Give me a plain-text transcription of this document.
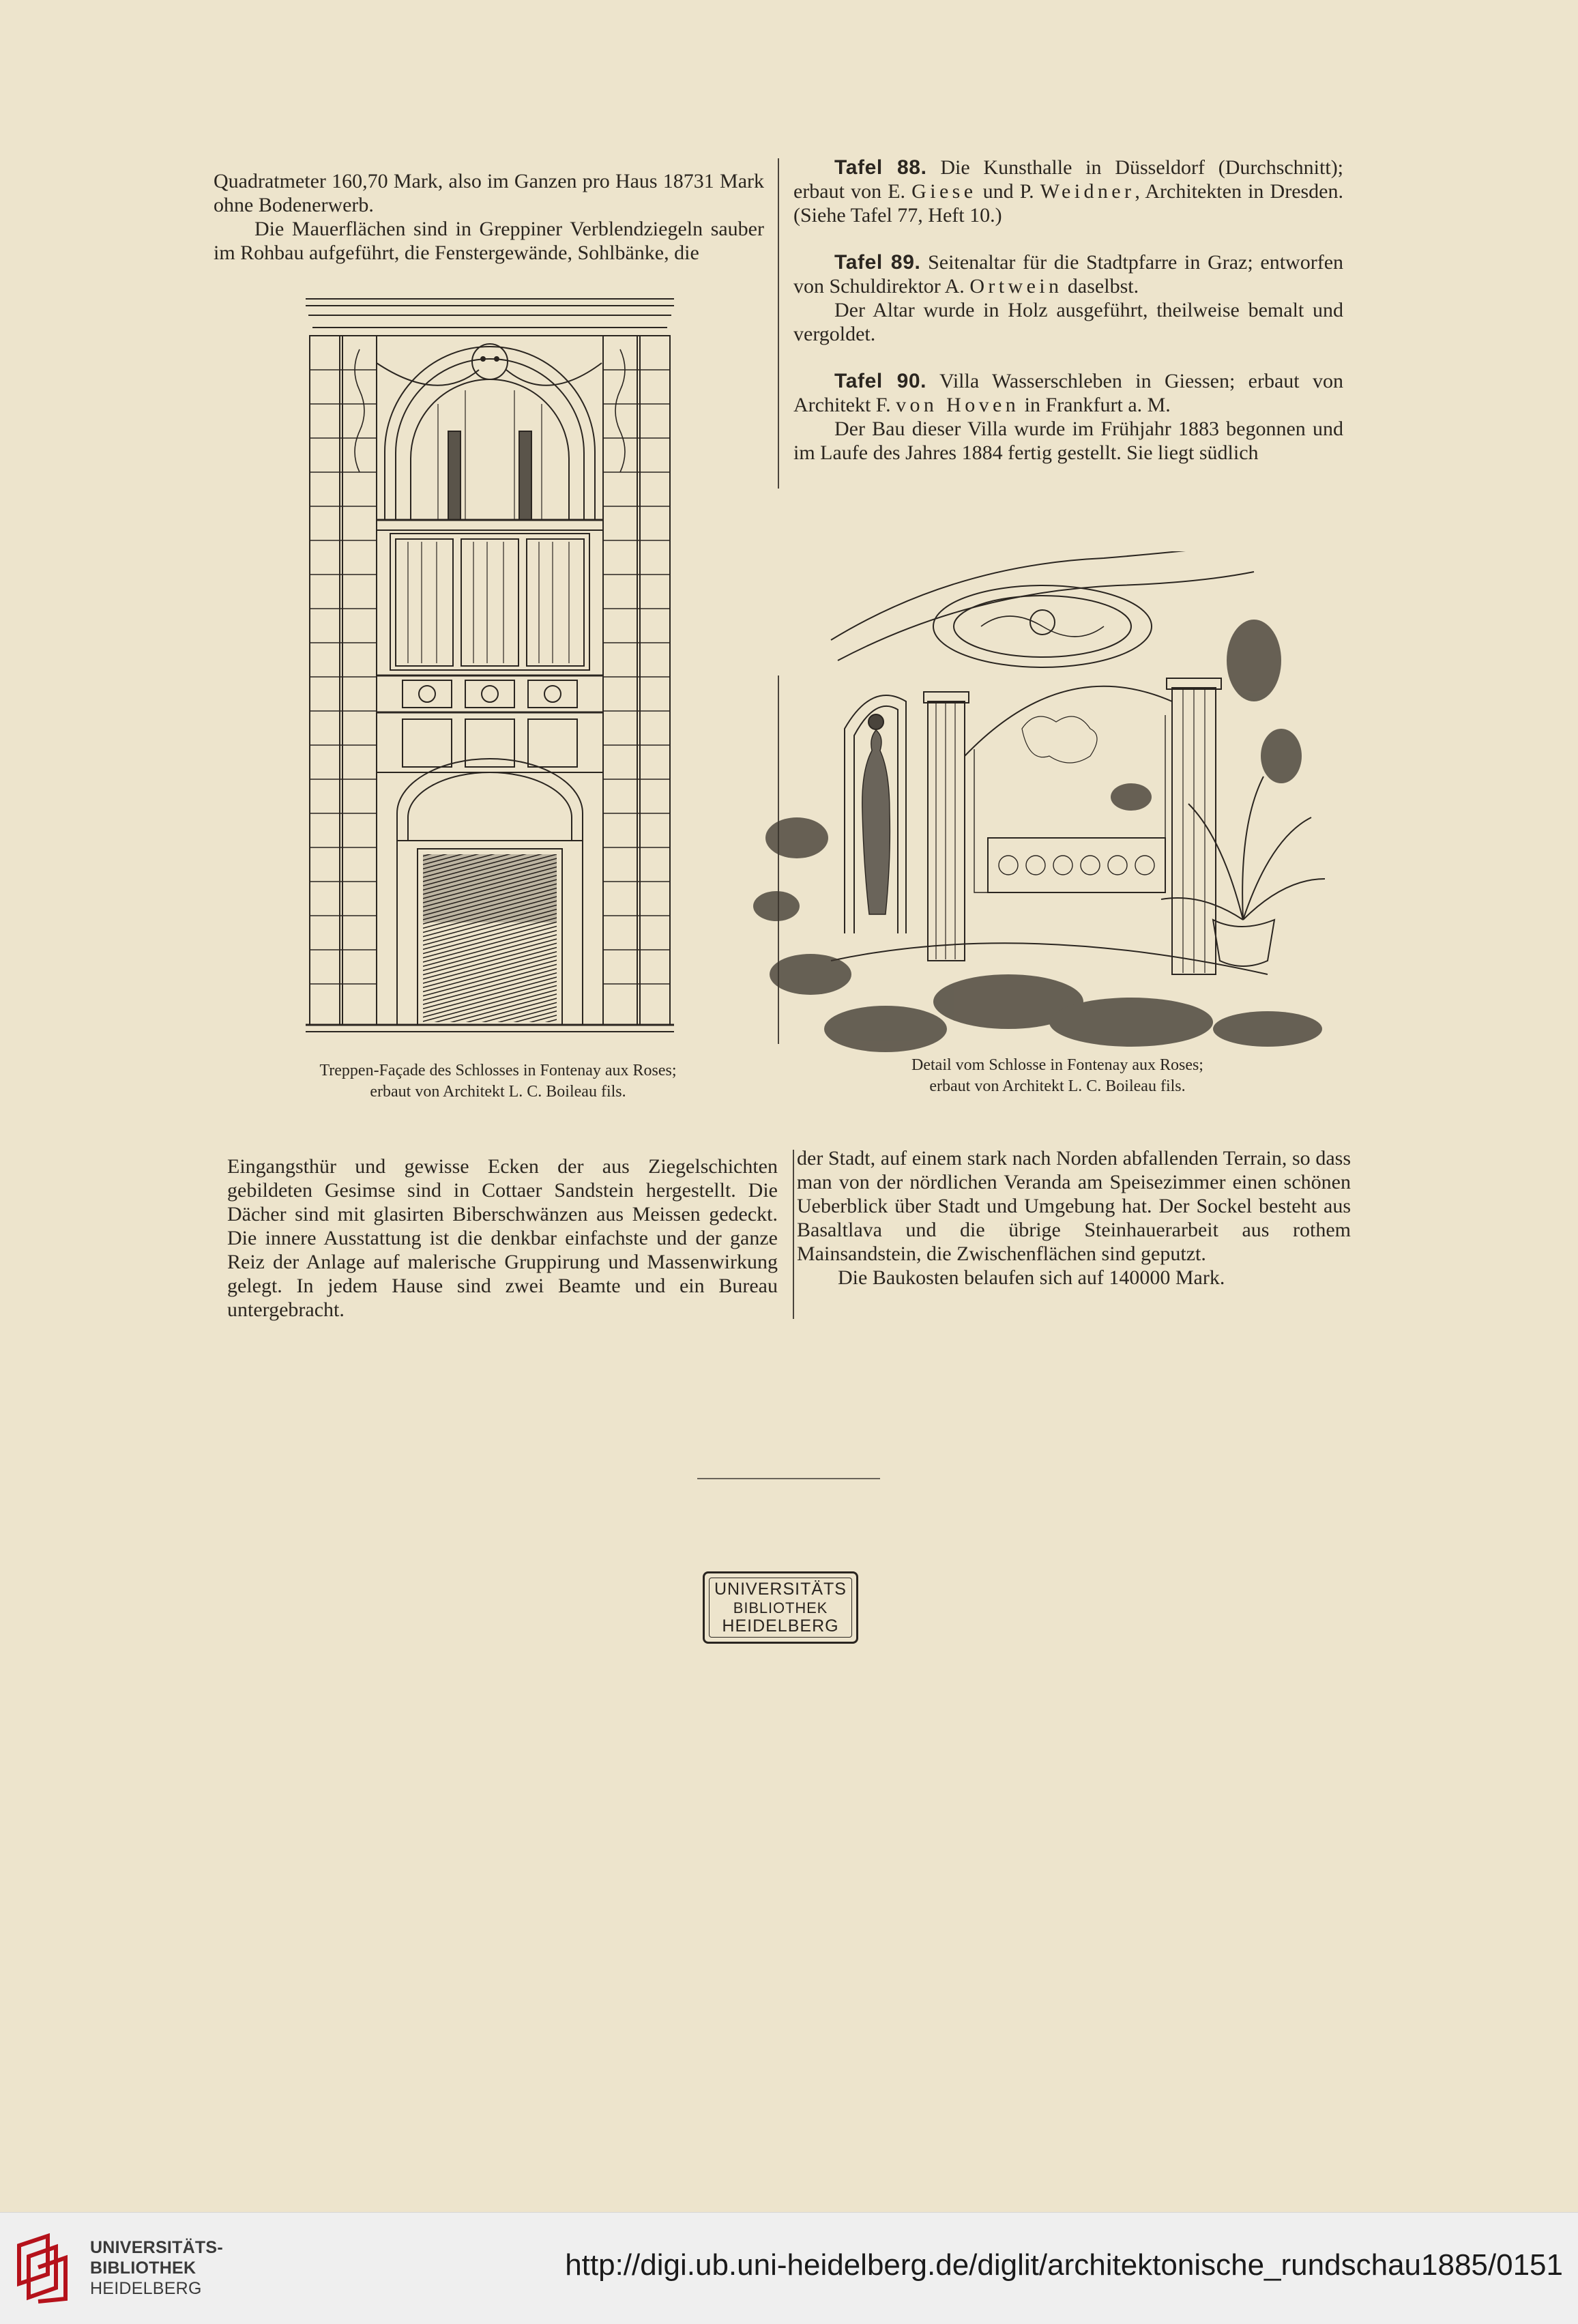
Quadratmeter 160,70 Mark, also im Ganzen pro Haus 18731 Mark ohne Bodenerwerb.

Die Mauerflächen sind in Greppiner Verblendziegeln sauber im Rohbau aufgeführt, die Fenstergewände, Sohlbänke, die

Tafel 88. Die Kunsthalle in Düsseldorf (Durchschnitt); erbaut von E. Giese und P. Weidner, Architekten in Dresden. (Siehe Tafel 77, Heft 10.)

Tafel 89. Seitenaltar für die Stadtpfarre in Graz; entworfen von Schuldirektor A. Ortwein daselbst.

Der Altar wurde in Holz ausgeführt, theilweise bemalt und vergoldet.

Tafel 90. Villa Wasserschleben in Giessen; erbaut von Architekt F. von Hoven in Frankfurt a. M.

Der Bau dieser Villa wurde im Frühjahr 1883 begonnen und im Laufe des Jahres 1884 fertig gestellt. Sie liegt südlich

Treppen-Façade des Schlosses in Fontenay aux Roses;
erbaut von Architekt L. C. Boileau fils.
Detail vom Schlosse in Fontenay aux Roses;
erbaut von Architekt L. C. Boileau fils.

Eingangsthür und gewisse Ecken der aus Ziegelschichten gebildeten Gesimse sind in Cottaer Sandstein hergestellt. Die Dächer sind mit glasirten Biberschwänzen aus Meissen gedeckt. Die innere Ausstattung ist die denkbar einfachste und der ganze Reiz der Anlage auf malerische Gruppirung und Massenwirkung gelegt. In jedem Hause sind zwei Beamte und ein Bureau untergebracht.

der Stadt, auf einem stark nach Norden abfallenden Terrain, so dass man von der nördlichen Veranda am Speisezimmer einen schönen Ueberblick über Stadt und Umgebung hat. Der Sockel besteht aus Basaltlava und die übrige Steinhauerarbeit aus rothem Mainsandstein, die Zwischenflächen sind geputzt.

Die Baukosten belaufen sich auf 140000 Mark.

UNIVERSITÄTS
BIBLIOTHEK
HEIDELBERG
UNIVERSITÄTS-
BIBLIOTHEK
HEIDELBERG
http://digi.ub.uni-heidelberg.de/diglit/architektonische_rundschau1885/0151
